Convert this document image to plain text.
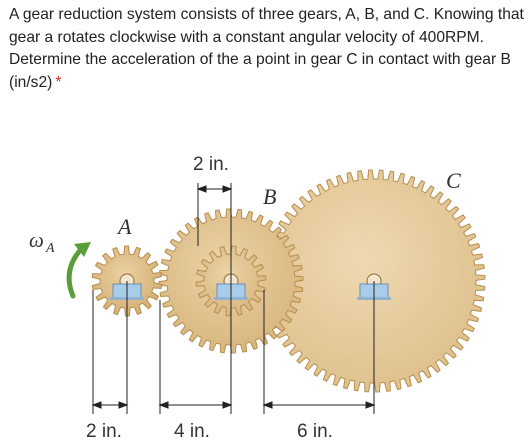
A gear reduction system consists of three gears, A, B, and C. Knowing that gear a rotates clockwise with a constant angular velocity of 400RPM. Determine the acceleration of the a point in gear C in contact with gear B (in/s2) *
A
B
C
ω A
2 in.
2 in.	4 in.	6 in.
